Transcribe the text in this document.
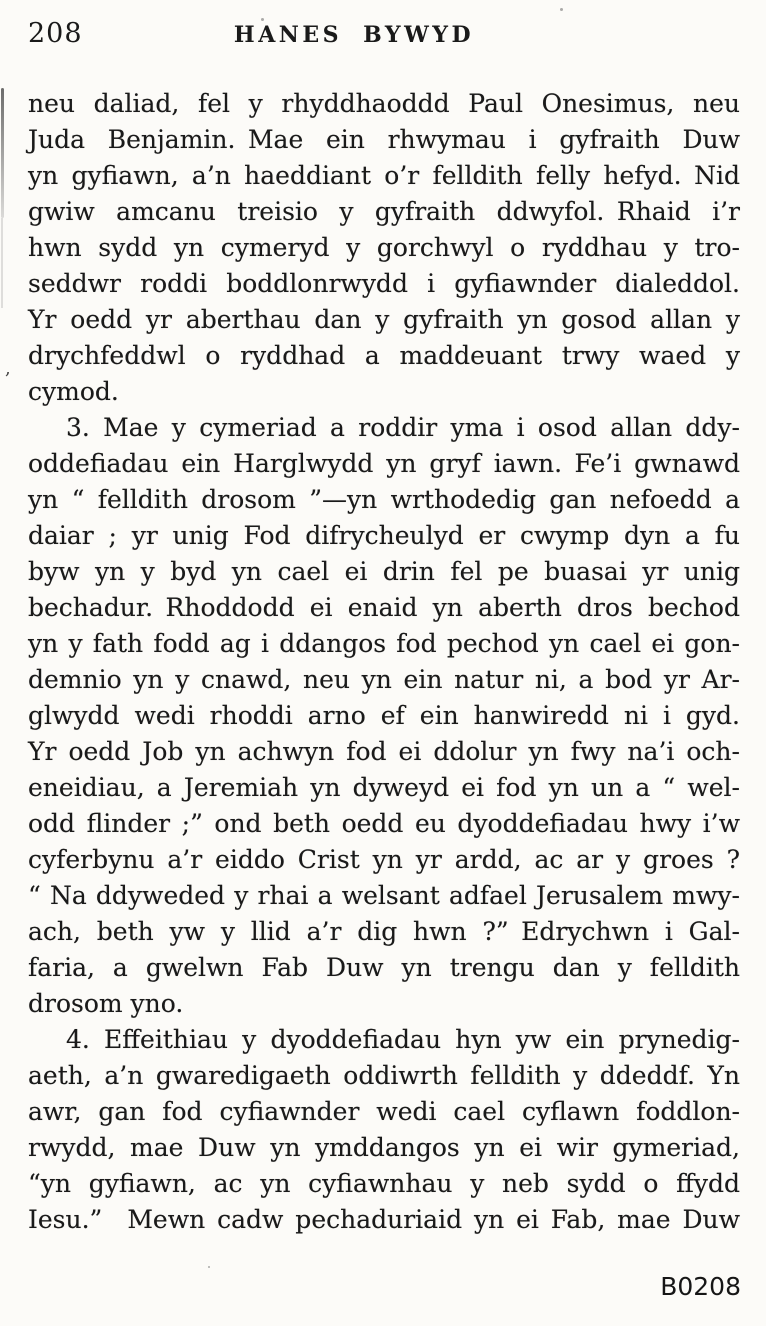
208	HANES BYWYD
neu daliad, fel y rhyddhaoddd Paul Onesimus, neu
Juda Benjamin. Mae ein rhwymau i gyfraith Duw
yn gyfiawn, a’n haeddiant o’r felldith felly hefyd. Nid
gwiw amcanu treisio y gyfraith ddwyfol. Rhaid i’r
hwn sydd yn cymeryd y gorchwyl o ryddhau y tro-
seddwr roddi boddlonrwydd i gyfiawnder dialeddol.
Yr oedd yr aberthau dan y gyfraith yn gosod allan y
drychfeddwl o ryddhad a maddeuant trwy waed y
cymod.
3. Mae y cymeriad a roddir yma i osod allan ddy-
oddefiadau ein Harglwydd yn gryf iawn. Fe’i gwnawd
yn “ felldith drosom ”—yn wrthodedig gan nefoedd a
daiar ; yr unig Fod difrycheulyd er cwymp dyn a fu
byw yn y byd yn cael ei drin fel pe buasai yr unig
bechadur. Rhoddodd ei enaid yn aberth dros bechod
yn y fath fodd ag i ddangos fod pechod yn cael ei gon-
demnio yn y cnawd, neu yn ein natur ni, a bod yr Ar-
glwydd wedi rhoddi arno ef ein hanwiredd ni i gyd.
Yr oedd Job yn achwyn fod ei ddolur yn fwy na’i och-
eneidiau, a Jeremiah yn dyweyd ei fod yn un a “ wel-
odd flinder ;” ond beth oedd eu dyoddefiadau hwy i’w
cyferbynu a’r eiddo Crist yn yr ardd, ac ar y groes ?
“ Na ddyweded y rhai a welsant adfael Jerusalem mwy-
ach, beth yw y llid a’r dig hwn ?” Edrychwn i Gal-
faria, a gwelwn Fab Duw yn trengu dan y felldith
drosom yno.
4. Effeithiau y dyoddefiadau hyn yw ein prynedig-
aeth, a’n gwaredigaeth oddiwrth felldith y ddeddf. Yn
awr, gan fod cyfiawnder wedi cael cyflawn foddlon-
rwydd, mae Duw yn ymddangos yn ei wir gymeriad,
“yn gyfiawn, ac yn cyfiawnhau y neb sydd o ffydd
Iesu.”  Mewn cadw pechaduriaid yn ei Fab, mae Duw
B0208
,
